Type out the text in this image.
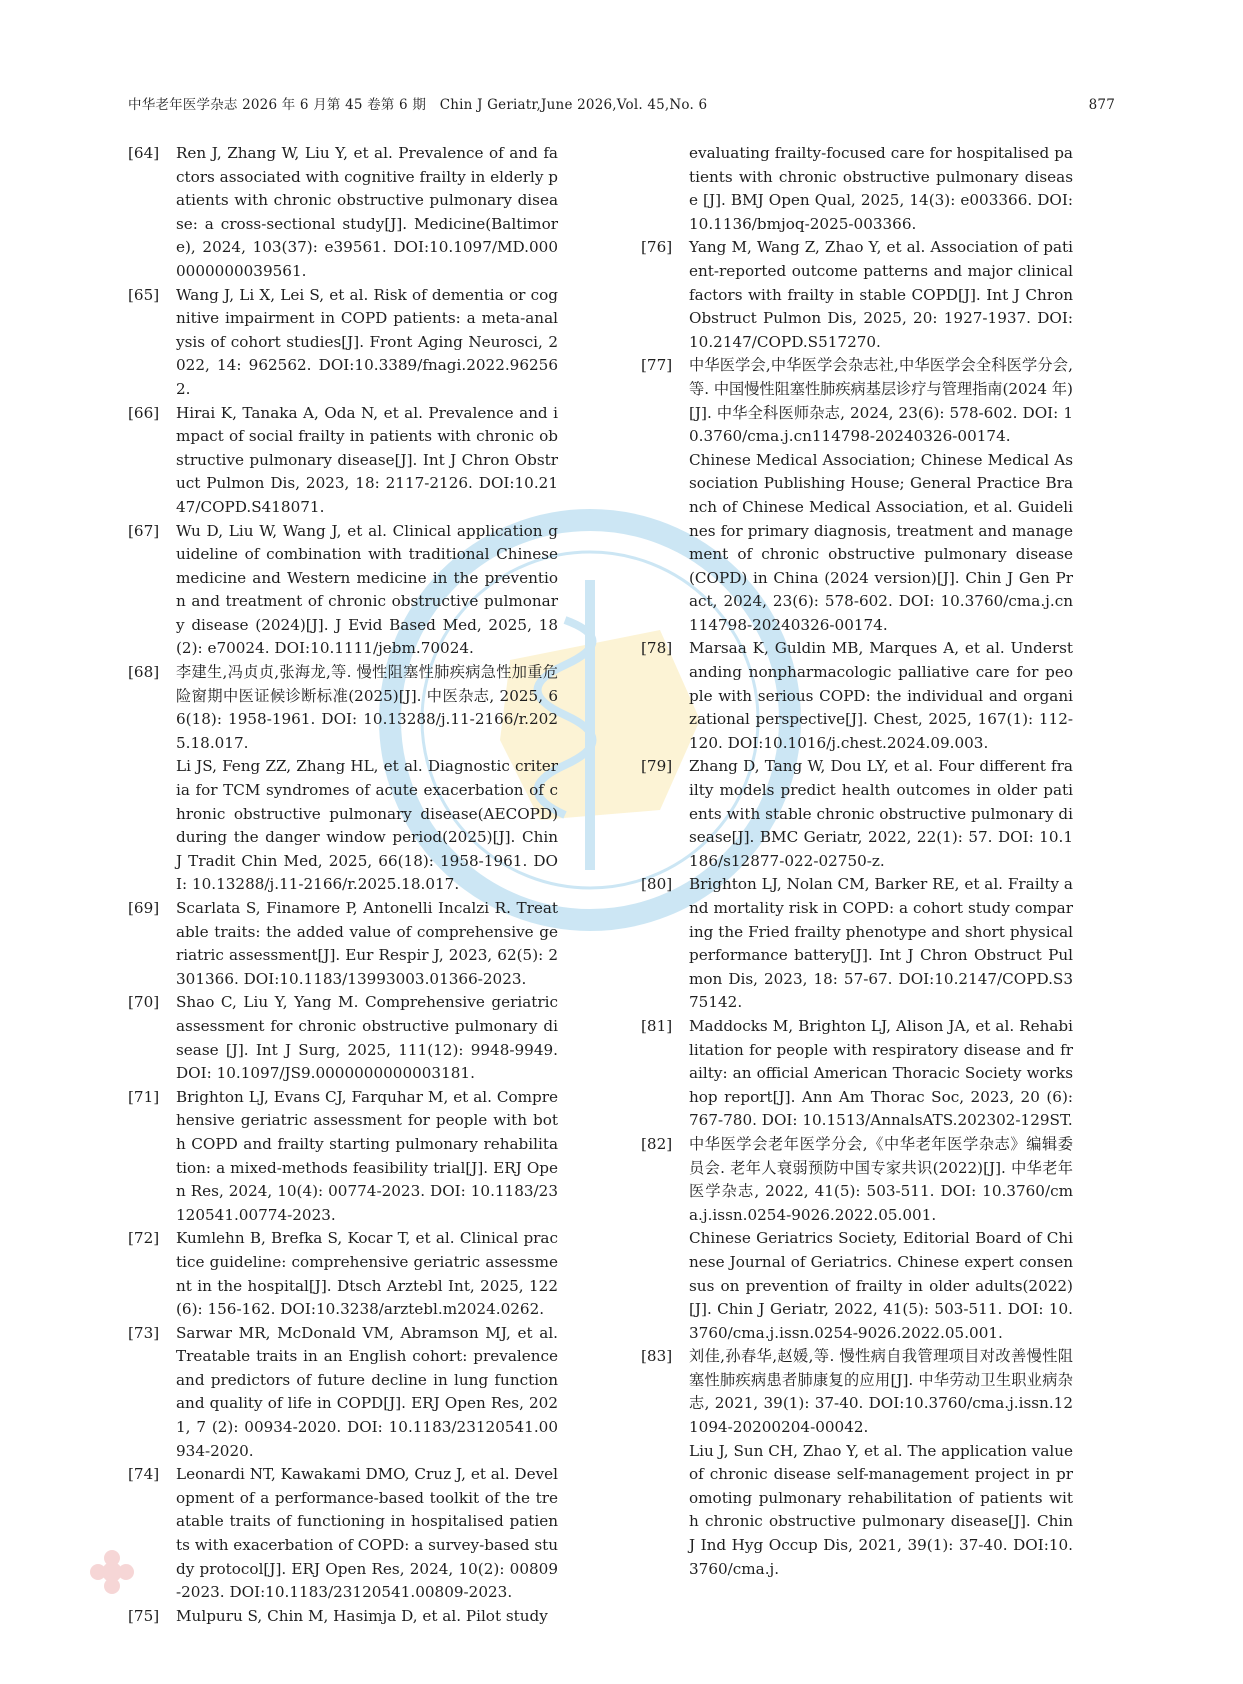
中华老年医学杂志 2026 年 6 月第 45 卷第 6 期　Chin J Geriatr,June 2026,Vol. 45,No. 6	877
[64]	Ren J, Zhang W, Liu Y, et al. Prevalence of and factors associated with cognitive frailty in elderly patients with chronic obstructive pulmonary disease: a cross-sectional study[J]. Medicine(Baltimore), 2024, 103(37): e39561. DOI:10.1097/MD.0000000000039561.
[65]	Wang J, Li X, Lei S, et al. Risk of dementia or cognitive impairment in COPD patients: a meta-analysis of cohort studies[J]. Front Aging Neurosci, 2022, 14: 962562. DOI:10.3389/fnagi.2022.962562.
[66]	Hirai K, Tanaka A, Oda N, et al. Prevalence and impact of social frailty in patients with chronic obstructive pulmonary disease[J]. Int J Chron Obstruct Pulmon Dis, 2023, 18: 2117-2126. DOI:10.2147/COPD.S418071.
[67]	Wu D, Liu W, Wang J, et al. Clinical application guideline of combination with traditional Chinese medicine and Western medicine in the prevention and treatment of chronic obstructive pulmonary disease (2024)[J]. J Evid Based Med, 2025, 18(2): e70024. DOI:10.1111/jebm.70024.
[68]	李建生,冯贞贞,张海龙,等. 慢性阻塞性肺疾病急性加重危险窗期中医证候诊断标准(2025)[J]. 中医杂志, 2025, 66(18): 1958-1961. DOI: 10.13288/j.11-2166/r.2025.18.017.
Li JS, Feng ZZ, Zhang HL, et al. Diagnostic criteria for TCM syndromes of acute exacerbation of chronic obstructive pulmonary disease(AECOPD) during the danger window period(2025)[J]. Chin J Tradit Chin Med, 2025, 66(18): 1958-1961. DOI: 10.13288/j.11-2166/r.2025.18.017.
[69]	Scarlata S, Finamore P, Antonelli Incalzi R. Treatable traits: the added value of comprehensive geriatric assessment[J]. Eur Respir J, 2023, 62(5): 2301366. DOI:10.1183/13993003.01366-2023.
[70]	Shao C, Liu Y, Yang M. Comprehensive geriatric assessment for chronic obstructive pulmonary disease [J]. Int J Surg, 2025, 111(12): 9948-9949. DOI: 10.1097/JS9.0000000000003181.
[71]	Brighton LJ, Evans CJ, Farquhar M, et al. Comprehensive geriatric assessment for people with both COPD and frailty starting pulmonary rehabilitation: a mixed-methods feasibility trial[J]. ERJ Open Res, 2024, 10(4): 00774-2023. DOI: 10.1183/23120541.00774-2023.
[72]	Kumlehn B, Brefka S, Kocar T, et al. Clinical practice guideline: comprehensive geriatric assessment in the hospital[J]. Dtsch Arztebl Int, 2025, 122(6): 156-162. DOI:10.3238/arztebl.m2024.0262.
[73]	Sarwar MR, McDonald VM, Abramson MJ, et al. Treatable traits in an English cohort: prevalence and predictors of future decline in lung function and quality of life in COPD[J]. ERJ Open Res, 2021, 7 (2): 00934-2020. DOI: 10.1183/23120541.00934-2020.
[74]	Leonardi NT, Kawakami DMO, Cruz J, et al. Development of a performance-based toolkit of the treatable traits of functioning in hospitalised patients with exacerbation of COPD: a survey-based study protocol[J]. ERJ Open Res, 2024, 10(2): 00809-2023. DOI:10.1183/23120541.00809-2023.
[75]	Mulpuru S, Chin M, Hasimja D, et al. Pilot study
evaluating frailty-focused care for hospitalised patients with chronic obstructive pulmonary disease [J]. BMJ Open Qual, 2025, 14(3): e003366. DOI:10.1136/bmjoq-2025-003366.
[76]	Yang M, Wang Z, Zhao Y, et al. Association of patient-reported outcome patterns and major clinical factors with frailty in stable COPD[J]. Int J Chron Obstruct Pulmon Dis, 2025, 20: 1927-1937. DOI: 10.2147/COPD.S517270.
[77]	中华医学会,中华医学会杂志社,中华医学会全科医学分会,等. 中国慢性阻塞性肺疾病基层诊疗与管理指南(2024 年)[J]. 中华全科医师杂志, 2024, 23(6): 578-602. DOI: 10.3760/cma.j.cn114798-20240326-00174.
Chinese Medical Association; Chinese Medical Association Publishing House; General Practice Branch of Chinese Medical Association, et al. Guidelines for primary diagnosis, treatment and management of chronic obstructive pulmonary disease (COPD) in China (2024 version)[J]. Chin J Gen Pract, 2024, 23(6): 578-602. DOI: 10.3760/cma.j.cn114798-20240326-00174.
[78]	Marsaa K, Guldin MB, Marques A, et al. Understanding nonpharmacologic palliative care for people with serious COPD: the individual and organizational perspective[J]. Chest, 2025, 167(1): 112-120. DOI:10.1016/j.chest.2024.09.003.
[79]	Zhang D, Tang W, Dou LY, et al. Four different frailty models predict health outcomes in older patients with stable chronic obstructive pulmonary disease[J]. BMC Geriatr, 2022, 22(1): 57. DOI: 10.1186/s12877-022-02750-z.
[80]	Brighton LJ, Nolan CM, Barker RE, et al. Frailty and mortality risk in COPD: a cohort study comparing the Fried frailty phenotype and short physical performance battery[J]. Int J Chron Obstruct Pulmon Dis, 2023, 18: 57-67. DOI:10.2147/COPD.S375142.
[81]	Maddocks M, Brighton LJ, Alison JA, et al. Rehabilitation for people with respiratory disease and frailty: an official American Thoracic Society workshop report[J]. Ann Am Thorac Soc, 2023, 20 (6): 767-780. DOI: 10.1513/AnnalsATS.202302-129ST.
[82]	中华医学会老年医学分会,《中华老年医学杂志》编辑委员会. 老年人衰弱预防中国专家共识(2022)[J]. 中华老年医学杂志, 2022, 41(5): 503-511. DOI: 10.3760/cma.j.issn.0254-9026.2022.05.001.
Chinese Geriatrics Society, Editorial Board of Chinese Journal of Geriatrics. Chinese expert consensus on prevention of frailty in older adults(2022)[J]. Chin J Geriatr, 2022, 41(5): 503-511. DOI: 10.3760/cma.j.issn.0254-9026.2022.05.001.
[83]	刘佳,孙春华,赵媛,等. 慢性病自我管理项目对改善慢性阻塞性肺疾病患者肺康复的应用[J]. 中华劳动卫生职业病杂志, 2021, 39(1): 37-40. DOI:10.3760/cma.j.issn.121094-20200204-00042.
Liu J, Sun CH, Zhao Y, et al. The application value of chronic disease self-management project in promoting pulmonary rehabilitation of patients with chronic obstructive pulmonary disease[J]. Chin J Ind Hyg Occup Dis, 2021, 39(1): 37-40. DOI:10.3760/cma.j.
